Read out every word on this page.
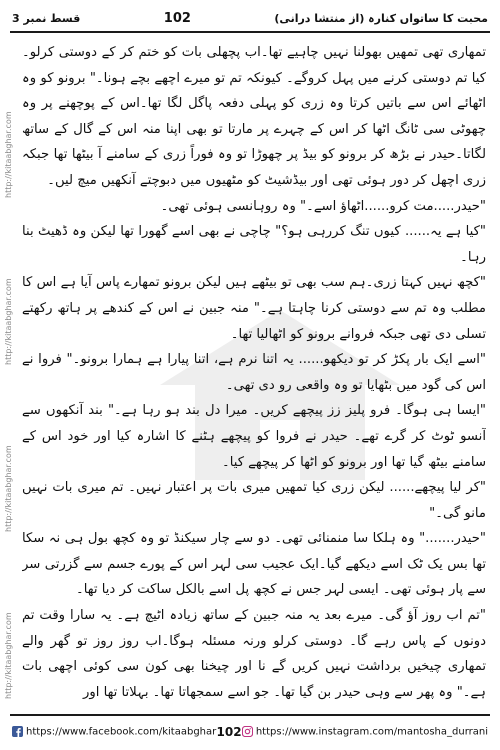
قسط نمبر 3	102	محبت کا ساتواں کنارہ (از منتشا درانی)
http://kitaabghar.com
http://kitaabghar.com
http://kitaabghar.com
http://kitaabghar.com

تمھاری تھی تمھیں بھولنا نہیں چاہیے تھا۔اب پچھلی بات کو ختم کر کے دوستی کرلو۔کیا تم دوستی کرنے میں پہل کروگے۔ کیونکہ تم تو میرے اچھے بچے ہونا۔" برونو کو وہ اٹھائے اس سے باتیں کرتا وہ زری کو پہلی دفعہ پاگل لگا تھا۔اس کے پوچھنے پر وہ چھوٹی سی ٹانگ اٹھا کر اس کے چہرے پر مارتا تو بھی اپنا منہ اس کے گال کے ساتھ لگاتا۔حیدر نے بڑھ کر برونو کو بیڈ پر چھوڑا تو وہ فوراً زری کے سامنے آ بیٹھا تھا جبکہ زری اچھل کر دور ہوئی تھی اور بیڈشیٹ کو مٹھیوں میں دبوچتے آنکھیں میچ لیں۔

"حیدر.....مت کرو......اٹھاؤ اسے۔" وہ روہانسی ہوئی تھی۔

"کیا ہے یہ...... کیوں تنگ کررہی ہو؟" چاچی نے بھی اسے گھورا تھا لیکن وہ ڈھیٹ بنا رہا۔

"کچھ نہیں کہتا زری۔ہم سب بھی تو بیٹھے ہیں لیکن برونو تمھارے پاس آیا ہے اس کا مطلب وہ تم سے دوستی کرنا چاہتا ہے۔" منہ جبین نے اس کے کندھے پر ہاتھ رکھتے تسلی دی تھی جبکہ فروانے برونو کو اٹھالیا تھا۔

"اسے ایک بار پکڑ کر تو دیکھو...... یہ اتنا نرم ہے، اتنا پیارا ہے ہمارا برونو۔" فروا نے اس کی گود میں بٹھایا تو وہ واقعی رو دی تھی۔

"ایسا ہی ہوگا۔ فرو پلیز زز پیچھے کریں۔ میرا دل بند ہو رہا ہے۔" بند آنکھوں سے آنسو ٹوٹ کر گرے تھے۔ حیدر نے فروا کو پیچھے ہٹنے کا اشارہ کیا اور خود اس کے سامنے بیٹھ گیا تھا اور برونو کو اٹھا کر پیچھے کیا۔

"کر لیا پیچھے...... لیکن زری کیا تمھیں میری بات پر اعتبار نہیں۔ تم میری بات نہیں مانو گی۔"

"حیدر......." وہ ہلکا سا منمنائی تھی۔ دو سے چار سیکنڈ تو وہ کچھ بول ہی نہ سکا تھا بس یک ٹک اسے دیکھے گیا۔ایک عجیب سی لہر اس کے پورے جسم سے گزرتی سر سے پار ہوئی تھی۔ ایسی لہر جس نے کچھ پل اسے بالکل ساکت کر دیا تھا۔

"تم اب روز آؤ گی۔ میرے بعد یہ منہ جبین کے ساتھ زیادہ اٹیچ ہے۔ یہ سارا وقت تم دونوں کے پاس رہے گا۔ دوستی کرلو ورنہ مسئلہ ہوگا۔اب روز روز تو گھر والے تمھاری چیخیں برداشت نہیں کریں گے نا اور چیخنا بھی کون سی کوئی اچھی بات ہے۔" وہ پھر سے وہی حیدر بن گیا تھا۔ جو اسے سمجھاتا تھا۔ بہلاتا تھا اور

https://www.facebook.com/kitaabghar 102	https://www.instagram.com/mantosha_durrani
